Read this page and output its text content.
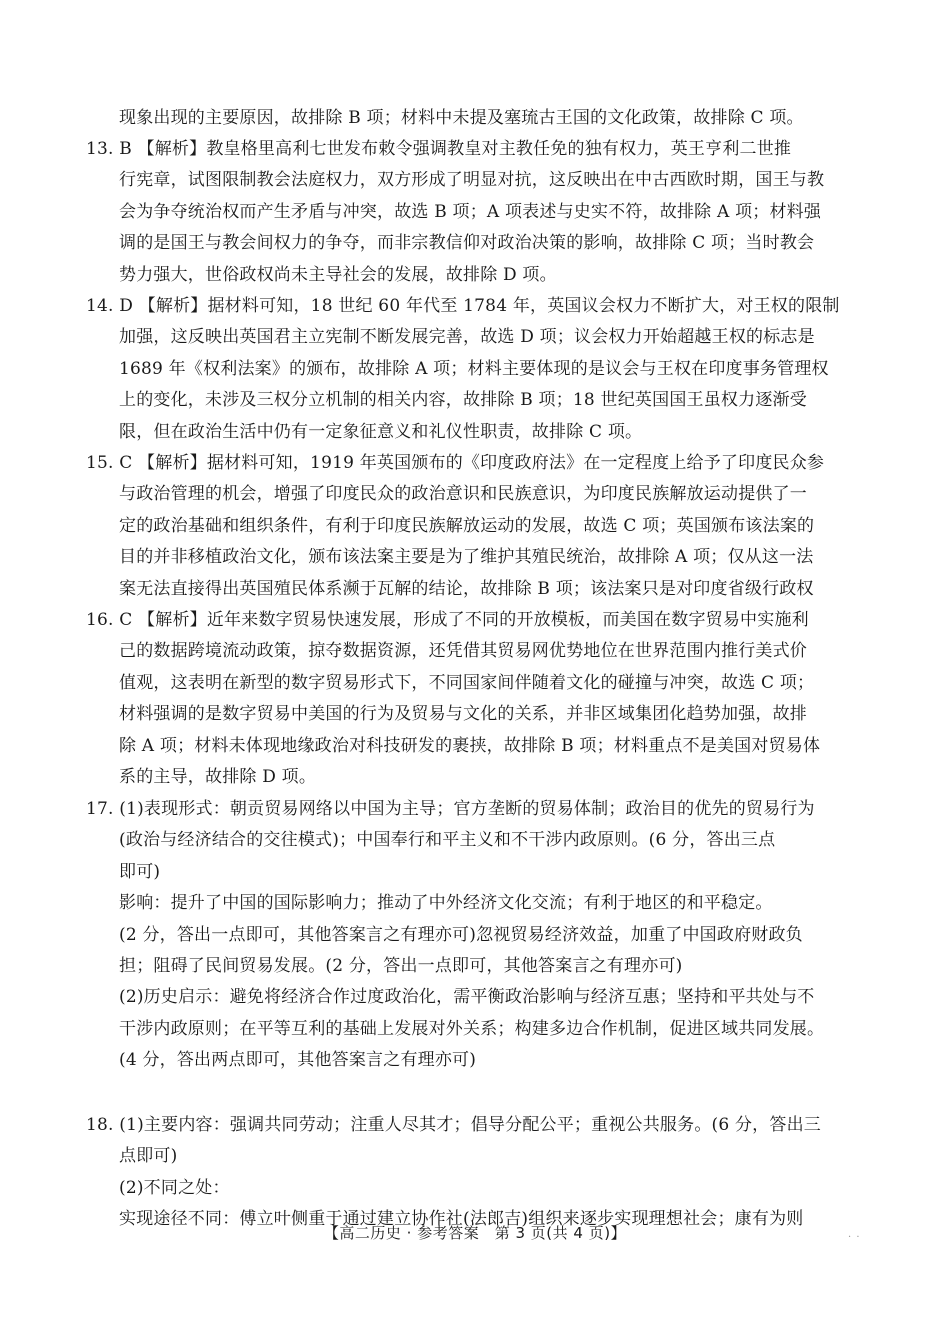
现象出现的主要原因，故排除 B 项；材料中未提及塞琉古王国的文化政策，故排除 C 项。
13. B 【解析】教皇格里高利七世发布敕令强调教皇对主教任免的独有权力，英王亨利二世推
行宪章，试图限制教会法庭权力，双方形成了明显对抗，这反映出在中古西欧时期，国王与教
会为争夺统治权而产生矛盾与冲突，故选 B 项；A 项表述与史实不符，故排除 A 项；材料强
调的是国王与教会间权力的争夺，而非宗教信仰对政治决策的影响，故排除 C 项；当时教会
势力强大，世俗政权尚未主导社会的发展，故排除 D 项。
14. D 【解析】据材料可知，18 世纪 60 年代至 1784 年，英国议会权力不断扩大，对王权的限制
加强，这反映出英国君主立宪制不断发展完善，故选 D 项；议会权力开始超越王权的标志是
1689 年《权利法案》的颁布，故排除 A 项；材料主要体现的是议会与王权在印度事务管理权
上的变化，未涉及三权分立机制的相关内容，故排除 B 项；18 世纪英国国王虽权力逐渐受
限，但在政治生活中仍有一定象征意义和礼仪性职责，故排除 C 项。
15. C 【解析】据材料可知，1919 年英国颁布的《印度政府法》在一定程度上给予了印度民众参
与政治管理的机会，增强了印度民众的政治意识和民族意识，为印度民族解放运动提供了一
定的政治基础和组织条件，有利于印度民族解放运动的发展，故选 C 项；英国颁布该法案的
目的并非移植政治文化，颁布该法案主要是为了维护其殖民统治，故排除 A 项；仅从这一法
案无法直接得出英国殖民体系濒于瓦解的结论，故排除 B 项；该法案只是对印度省级行政权
16. C 【解析】近年来数字贸易快速发展，形成了不同的开放模板，而美国在数字贸易中实施利
己的数据跨境流动政策，掠夺数据资源，还凭借其贸易网优势地位在世界范围内推行美式价
值观，这表明在新型的数字贸易形式下，不同国家间伴随着文化的碰撞与冲突，故选 C 项；
材料强调的是数字贸易中美国的行为及贸易与文化的关系，并非区域集团化趋势加强，故排
除 A 项；材料未体现地缘政治对科技研发的裹挟，故排除 B 项；材料重点不是美国对贸易体
系的主导，故排除 D 项。
17. (1)表现形式：朝贡贸易网络以中国为主导；官方垄断的贸易体制；政治目的优先的贸易行为
(政治与经济结合的交往模式)；中国奉行和平主义和不干涉内政原则。(6 分，答出三点
即可)
影响：提升了中国的国际影响力；推动了中外经济文化交流；有利于地区的和平稳定。
(2 分，答出一点即可，其他答案言之有理亦可)忽视贸易经济效益，加重了中国政府财政负
担；阻碍了民间贸易发展。(2 分，答出一点即可，其他答案言之有理亦可)
(2)历史启示：避免将经济合作过度政治化，需平衡政治影响与经济互惠；坚持和平共处与不
干涉内政原则；在平等互利的基础上发展对外关系；构建多边合作机制，促进区域共同发展。
(4 分，答出两点即可，其他答案言之有理亦可)
18. (1)主要内容：强调共同劳动；注重人尽其才；倡导分配公平；重视公共服务。(6 分，答出三
点即可)
(2)不同之处：
实现途径不同：傅立叶侧重于通过建立协作社(法郎吉)组织来逐步实现理想社会；康有为则
【高二历史 · 参考答案　第 3 页(共 4 页)】	· ·
